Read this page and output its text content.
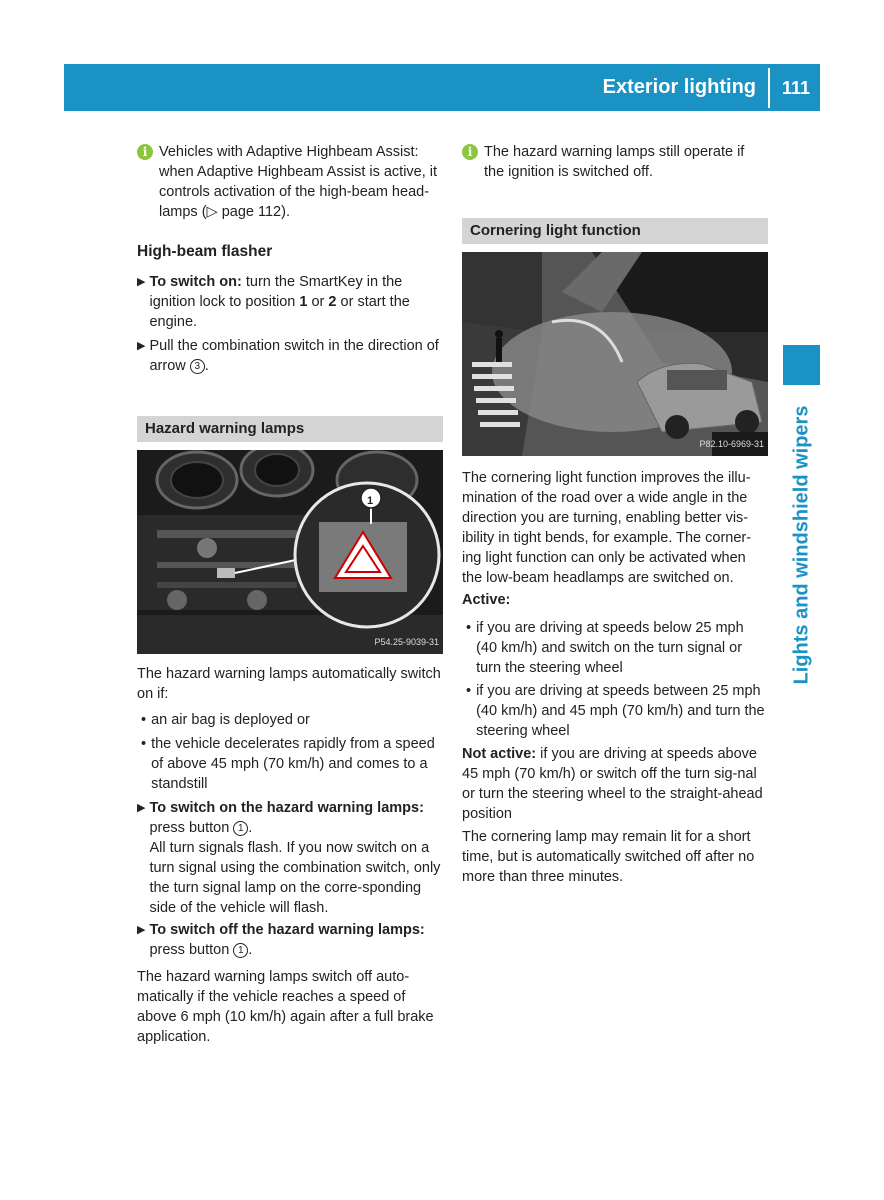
Exterior lighting 111
Lights and windshield wipers
i Vehicles with Adaptive Highbeam Assist: when Adaptive Highbeam Assist is active, it controls activation of the high-beam head-lamps (▷ page 112).

High-beam flasher

▶ To switch on: turn the SmartKey in the ignition lock to position 1 or 2 or start the engine.

▶ Pull the combination switch in the direction of arrow 3 .

Hazard warning lamps
1
P54.25-9039-31

The hazard warning lamps automatically switch on if:

• an air bag is deployed or

• the vehicle decelerates rapidly from a speed of above 45 mph (70 km/h) and comes to a standstill

▶ To switch on the hazard warning lamps:
press button 1 .
All turn signals flash. If you now switch on a turn signal using the combination switch, only the turn signal lamp on the corre-sponding side of the vehicle will flash.

▶ To switch off the hazard warning lamps:
press button 1 .

The hazard warning lamps switch off auto-matically if the vehicle reaches a speed of above 6 mph (10 km/h) again after a full brake application.

i The hazard warning lamps still operate if the ignition is switched off.

Cornering light function
P82.10-6969-31

The cornering light function improves the illu-mination of the road over a wide angle in the direction you are turning, enabling better vis-ibility in tight bends, for example. The corner-ing light function can only be activated when the low-beam headlamps are switched on.

Active:

• if you are driving at speeds below 25 mph (40 km/h) and switch on the turn signal or turn the steering wheel

• if you are driving at speeds between 25 mph (40 km/h) and 45 mph (70 km/h) and turn the steering wheel

Not active: if you are driving at speeds above 45 mph (70 km/h) or switch off the turn sig-nal or turn the steering wheel to the straight-ahead position

The cornering lamp may remain lit for a short time, but is automatically switched off after no more than three minutes.
